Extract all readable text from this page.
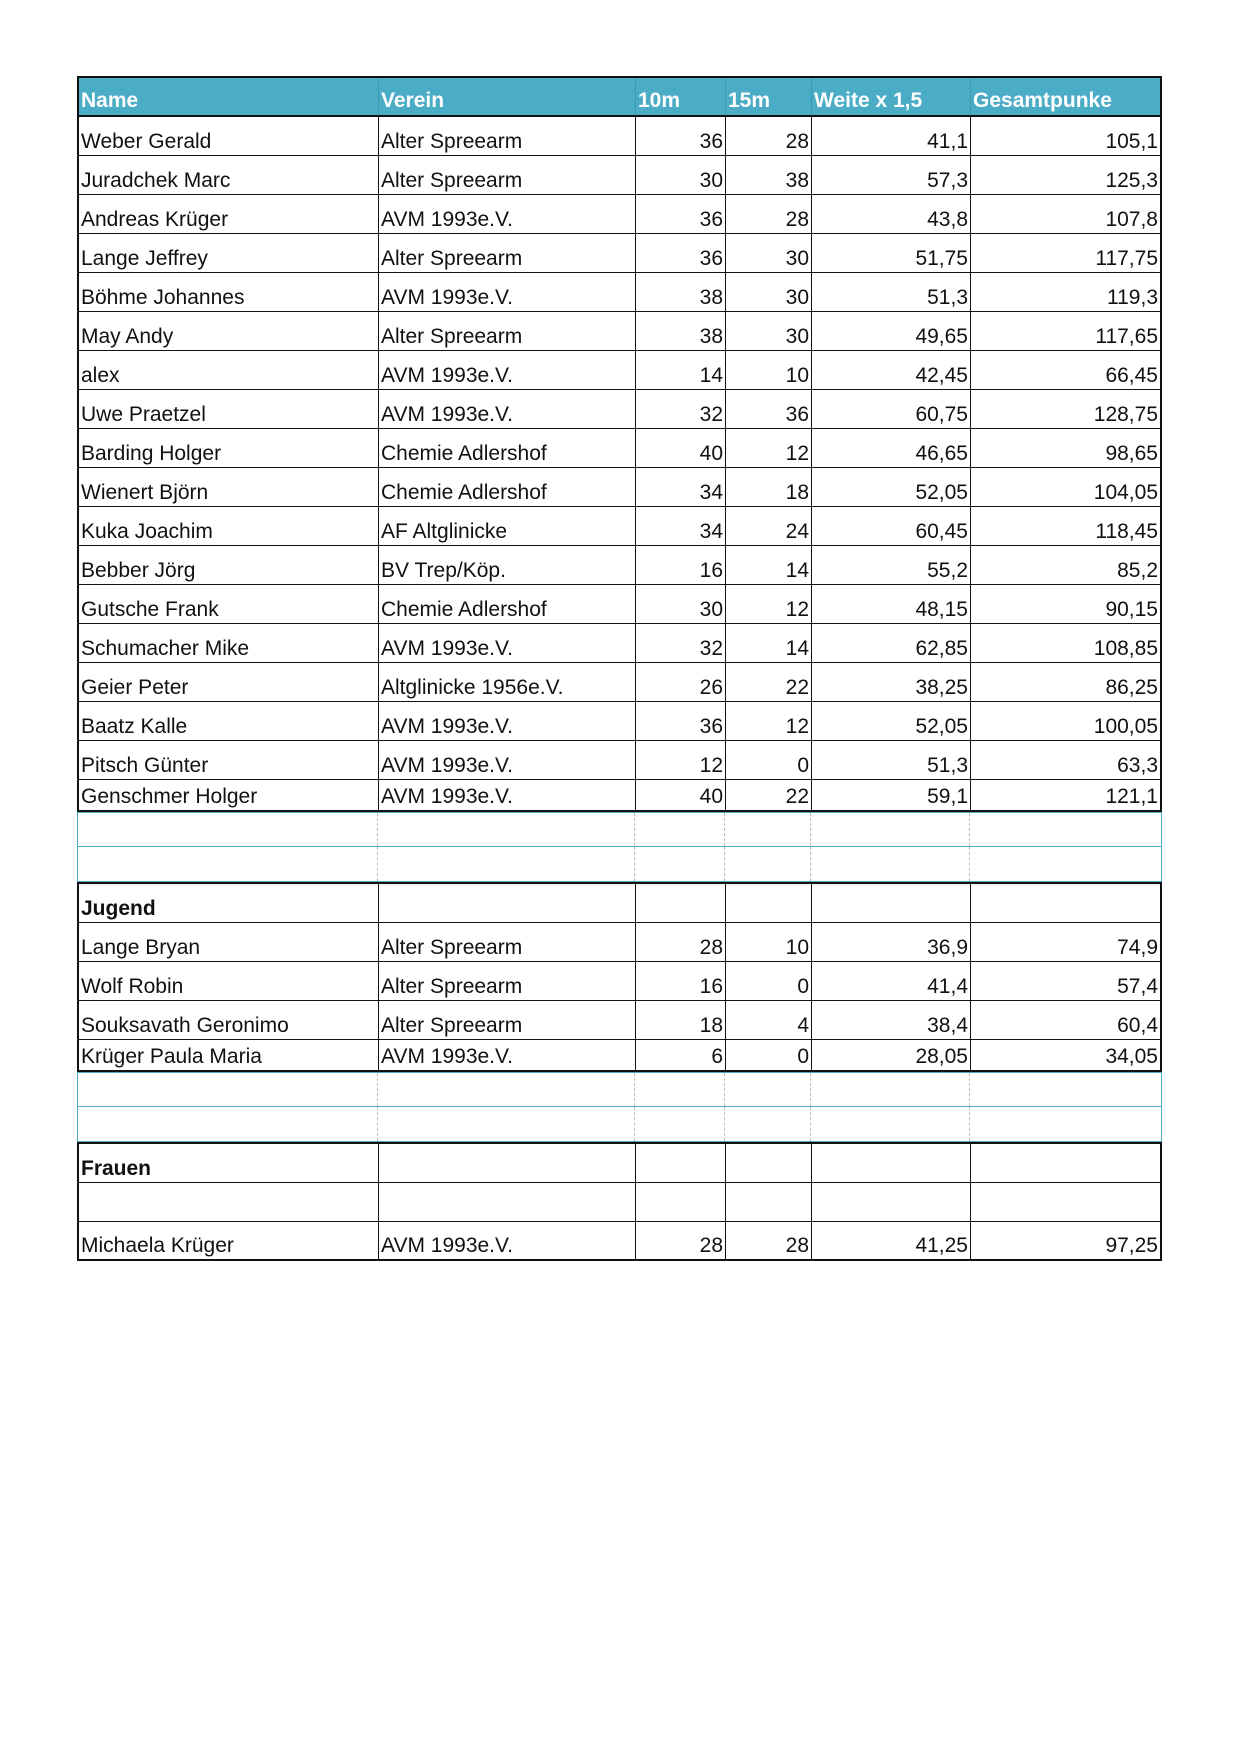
Name	Verein	10m	15m	Weite x 1,5	Gesamtpunke
Weber Gerald	Alter Spreearm	36	28	41,1	105,1
Juradchek Marc	Alter Spreearm	30	38	57,3	125,3
Andreas Krüger	AVM 1993e.V.	36	28	43,8	107,8
Lange Jeffrey	Alter Spreearm	36	30	51,75	117,75
Böhme Johannes	AVM 1993e.V.	38	30	51,3	119,3
May Andy	Alter Spreearm	38	30	49,65	117,65
alex	AVM 1993e.V.	14	10	42,45	66,45
Uwe Praetzel	AVM 1993e.V.	32	36	60,75	128,75
Barding Holger	Chemie Adlershof	40	12	46,65	98,65
Wienert Björn	Chemie Adlershof	34	18	52,05	104,05
Kuka Joachim	AF Altglinicke	34	24	60,45	118,45
Bebber Jörg	BV Trep/Köp.	16	14	55,2	85,2
Gutsche Frank	Chemie Adlershof	30	12	48,15	90,15
Schumacher Mike	AVM 1993e.V.	32	14	62,85	108,85
Geier Peter	Altglinicke 1956e.V.	26	22	38,25	86,25
Baatz Kalle	AVM 1993e.V.	36	12	52,05	100,05
Pitsch Günter	AVM 1993e.V.	12	0	51,3	63,3
Genschmer Holger	AVM 1993e.V.	40	22	59,1	121,1
Jugend
Lange Bryan	Alter Spreearm	28	10	36,9	74,9
Wolf Robin	Alter Spreearm	16	0	41,4	57,4
Souksavath Geronimo	Alter Spreearm	18	4	38,4	60,4
Krüger Paula Maria	AVM 1993e.V.	6	0	28,05	34,05
Frauen
Michaela Krüger	AVM 1993e.V.	28	28	41,25	97,25
